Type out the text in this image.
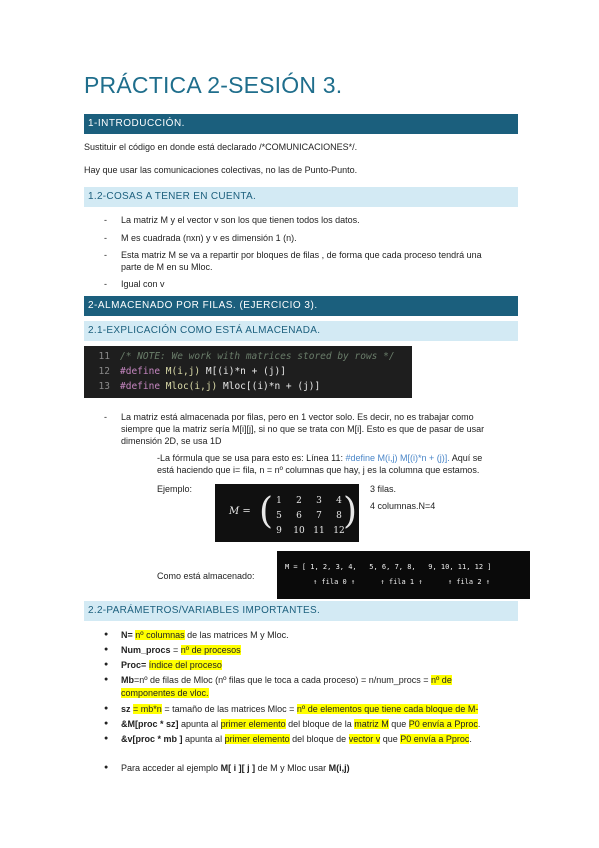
PRÁCTICA 2-SESIÓN 3.
1-INTRODUCCIÓN.
Sustituir el código en donde está declarado /*COMUNICACIONES*/.
Hay que usar las comunicaciones colectivas, no las de Punto-Punto.
1.2-COSAS A TENER EN CUENTA.
- La matriz M y el vector v son los que tienen todos los datos.
- M es cuadrada (nxn) y v es dimensión 1 (n).
- Esta matriz M se va a repartir por bloques de filas , de forma que cada proceso tendrá una
parte de M en su Mloc.
- Igual con v
2-ALMACENADO POR FILAS. (EJERCICIO 3).
2.1-EXPLICACIÓN COMO ESTÁ ALMACENADA.
11 /* NOTE: We work with matrices stored by rows */
12 #define M(i,j) M[(i)*n + (j)]
13 #define Mloc(i,j) Mloc[(i)*n + (j)]
- La matriz está almacenada por filas, pero en 1 vector solo. Es decir, no es trabajar como
siempre que la matriz sería M[i][j], si no que se trata con M[i]. Esto es que de pasar de usar
dimensión 2D, se usa 1D
-La fórmula que se usa para esto es: Línea 11: #define M(i,j) M[(i)*n + (j)]. Aquí se
está haciendo que i= fila, n = nº columnas que hay, j es la columna que estamos.
Ejemplo:
M = ( )
1	2	3	4
5	6	7	8
9	10	11	12
3 filas.
4 columnas.N=4
Como está almacenado:
M = [ 1, 2, 3, 4,   5, 6, 7, 8,   9, 10, 11, 12 ]
↑ fila 0 ↑      ↑ fila 1 ↑      ↑ fila 2 ↑
2.2-PARÁMETROS/VARIABLES IMPORTANTES.
● N= nº columnas de las matrices M y Mloc.
● Num_procs = nº de procesos
● Proc= índice del proceso
● Mb=nº de filas de Mloc (nº filas que le toca a cada proceso) = n/num_procs = nº de
componentes de vloc.
● sz = mb*n = tamaño de las matrices Mloc = nº de elementos que tiene cada bloque de M-
● &M[proc * sz] apunta al primer elemento del bloque de la matriz M que P0 envía a Pproc.
● &v[proc * mb ] apunta al primer elemento del bloque de vector v que P0 envía a Pproc.
● Para acceder al ejemplo M[ i ][ j ] de M y Mloc usar M(i,j)
